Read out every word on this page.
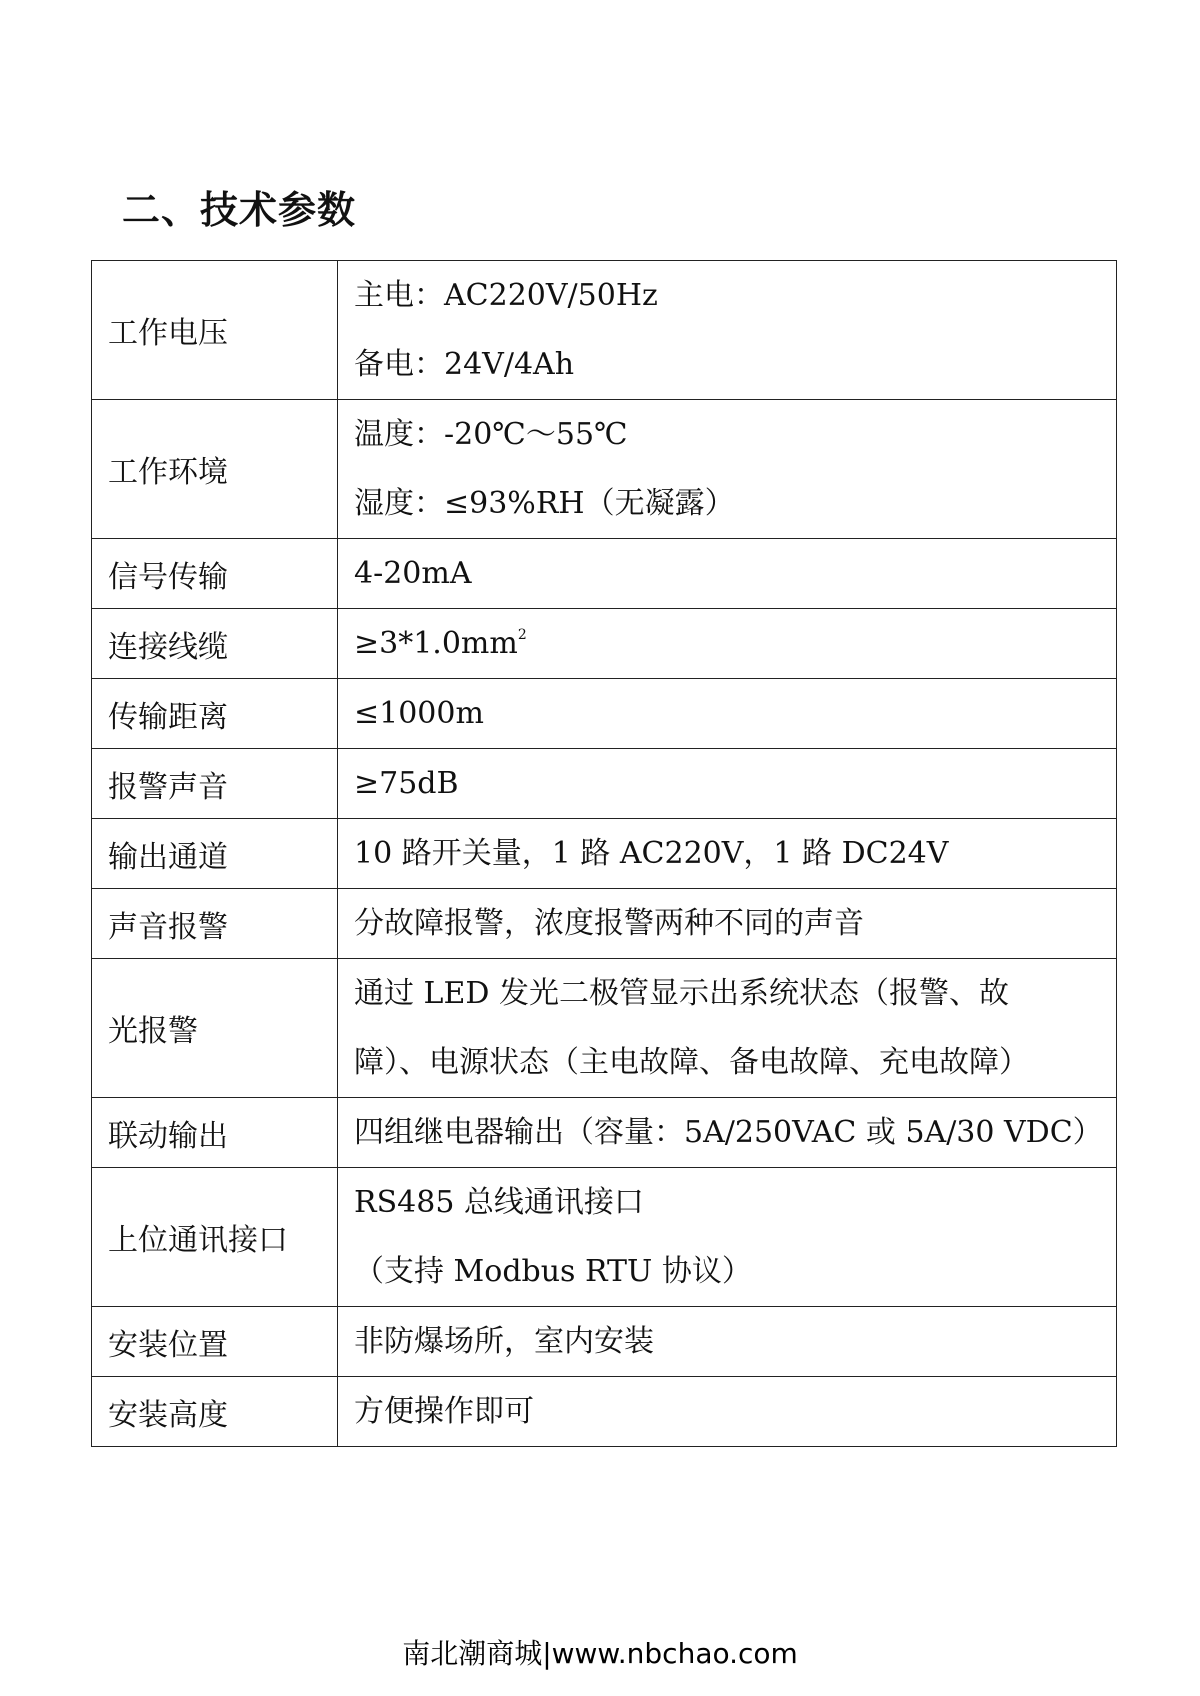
二、技术参数
工作电压	主电：AC220V/50Hz
备电：24V/4Ah

工作环境	温度：-20℃～55℃
湿度：≤93%RH（无凝露）

信号传输	4-20mA

连接线缆	$\ge 3*1.0mm^2$

传输距离	≤1000m

报警声音	≥75dB

输出通道	10 路开关量，1 路 AC220V，1 路 DC24V

声音报警	分故障报警，浓度报警两种不同的声音

光报警	通过 LED 发光二极管显示出系统状态（报警、故
障）、电源状态（主电故障、备电故障、充电故障）

联动输出	四组继电器输出（容量：5A/250VAC 或 5A/30 VDC）

上位通讯接口	RS485 总线通讯接口
（支持 Modbus RTU 协议）

安装位置	非防爆场所，室内安装

安装高度	方便操作即可
南北潮商城|www.nbchao.com
